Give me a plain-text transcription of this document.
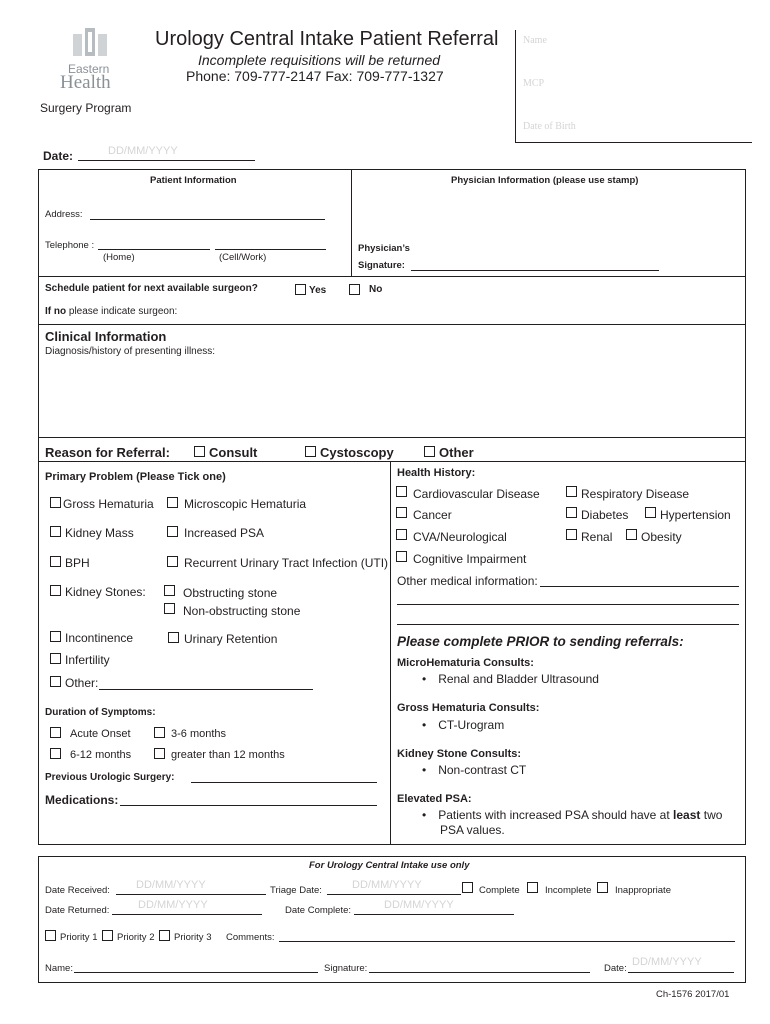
Eastern
Health
Surgery Program
Urology Central Intake Patient Referral
Incomplete requisitions will be returned
Phone: 709-777-2147 Fax: 709-777-1327
Name
MCP
Date of Birth
Date:	DD/MM/YYYY
Patient Information	Physician Information (please use stamp)
Address:
Telephone :
(Home)	(Cell/Work)
Physician’s
Signature:
Schedule patient for next available surgeon?	Yes	No
If no please indicate surgeon:
Clinical Information
Diagnosis/history of presenting illness:
Reason for Referral:	Consult	Cystoscopy	Other
Primary Problem (Please Tick one)
Gross Hematuria	Microscopic Hematuria
Kidney Mass	Increased PSA
BPH	Recurrent Urinary Tract Infection (UTI)
Kidney Stones:	Obstructing stone
Non-obstructing stone
Incontinence	Urinary Retention
Infertility
Other:
Duration of Symptoms:
Acute Onset	3-6 months
6-12 months	greater than 12 months
Previous Urologic Surgery:
Medications:
Health History:
Cardiovascular Disease	Respiratory Disease
Cancer	Diabetes	Hypertension
CVA/Neurological	Renal Obesity
Cognitive Impairment
Other medical information:
Please complete PRIOR to sending referrals:
MicroHematuria Consults:
• Renal and Bladder Ultrasound
Gross Hematuria Consults:
• CT-Urogram
Kidney Stone Consults:
• Non-contrast CT
Elevated PSA:
• Patients with increased PSA should have at least two
PSA values.
For Urology Central Intake use only
Date Received: DD/MM/YYYY	Triage Date:	DD/MM/YYYY	Complete	Incomplete Inappropriate
Date Returned:	DD/MM/YYYY	Date Complete:	DD/MM/YYYY
Priority 1 Priority 2 Priority 3 Comments:
Name:	Signature:	Date:
DD/MM/YYYY
Ch-1576 2017/01
